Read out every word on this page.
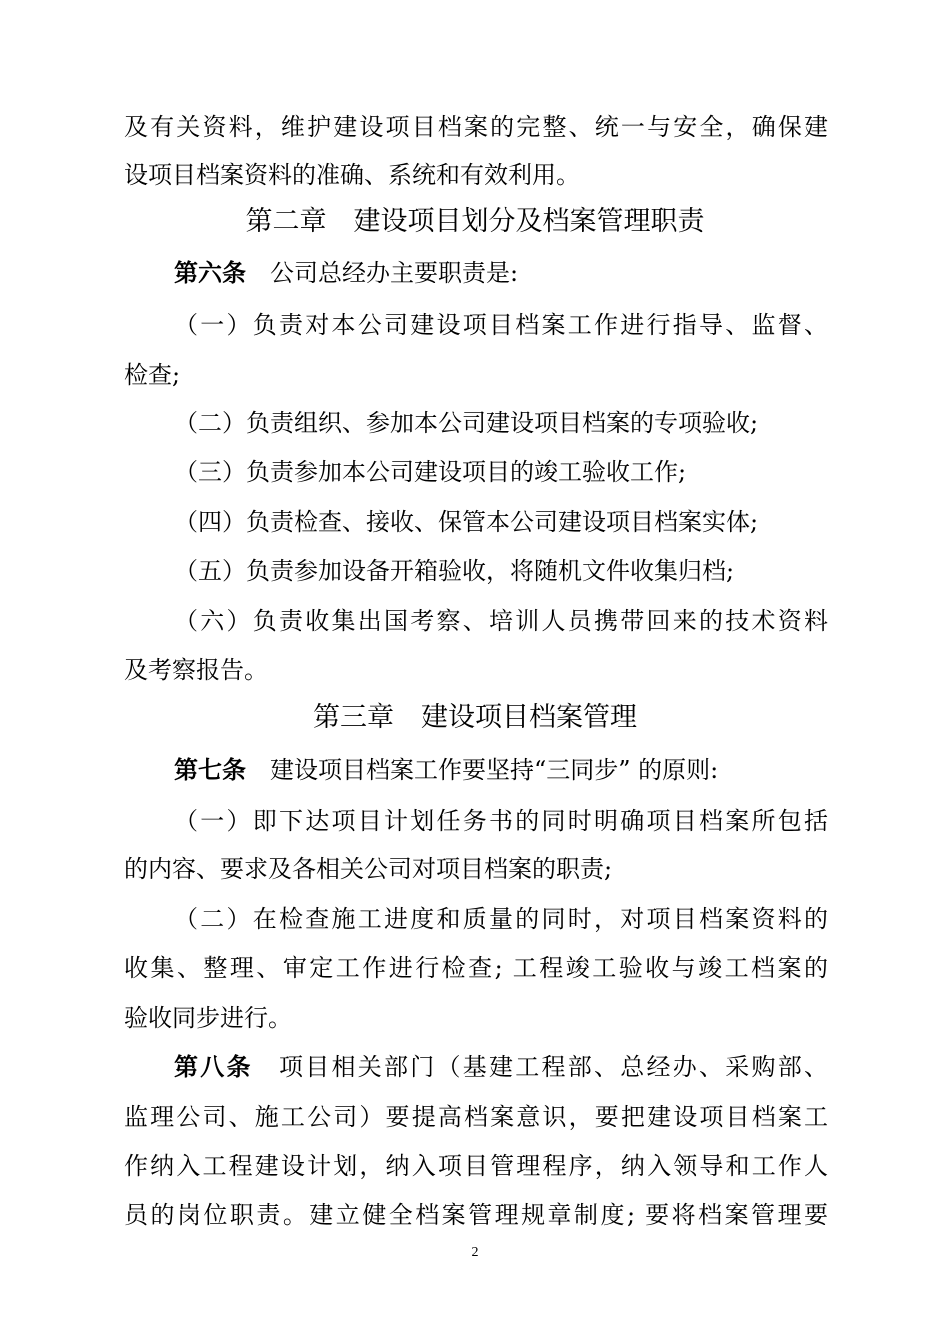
及有关资料，维护建设项目档案的完整、统一与安全，确保建
设项目档案资料的准确、系统和有效利用。
第二章　建设项目划分及档案管理职责
第六条 公司总经办主要职责是:
（一）负责对本公司建设项目档案工作进行指导、监督、
检查;
（二）负责组织、参加本公司建设项目档案的专项验收;
（三）负责参加本公司建设项目的竣工验收工作;
（四）负责检查、接收、保管本公司建设项目档案实体;
（五）负责参加设备开箱验收，将随机文件收集归档;
（六）负责收集出国考察、培训人员携带回来的技术资料
及考察报告。
第三章　建设项目档案管理
第七条 建设项目档案工作要坚持“三同步” 的原则:
（一）即下达项目计划任务书的同时明确项目档案所包括
的内容、要求及各相关公司对项目档案的职责;
（二）在检查施工进度和质量的同时，对项目档案资料的
收集、整理、审定工作进行检查; 工程竣工验收与竣工档案的
验收同步进行。
第八条 项目相关部门（基建工程部、总经办、采购部、
监理公司、施工公司）要提高档案意识，要把建设项目档案工
作纳入工程建设计划，纳入项目管理程序，纳入领导和工作人
员的岗位职责。建立健全档案管理规章制度; 要将档案管理要
2
